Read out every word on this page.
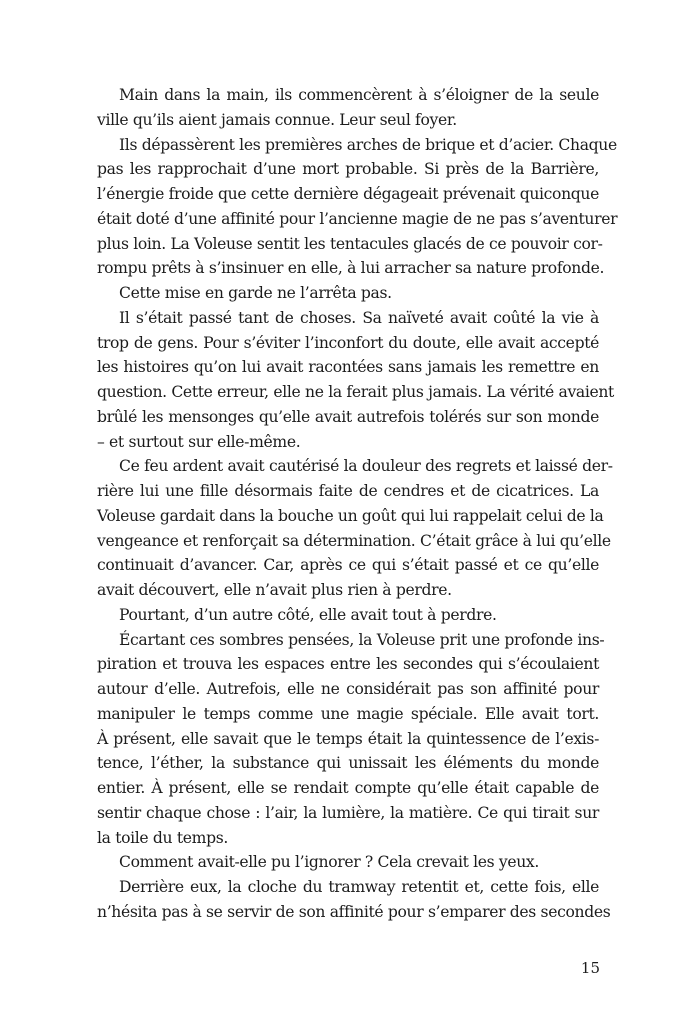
Main dans la main, ils commencèrent à s’éloigner de la seule
ville qu’ils aient jamais connue. Leur seul foyer.
Ils dépassèrent les premières arches de brique et d’acier. Chaque
pas les rapprochait d’une mort probable. Si près de la Barrière,
l’énergie froide que cette dernière dégageait prévenait quiconque
était doté d’une affinité pour l’ancienne magie de ne pas s’aventurer
plus loin. La Voleuse sentit les tentacules glacés de ce pouvoir cor-
rompu prêts à s’insinuer en elle, à lui arracher sa nature profonde.
Cette mise en garde ne l’arrêta pas.
Il s’était passé tant de choses. Sa naïveté avait coûté la vie à
trop de gens. Pour s’éviter l’inconfort du doute, elle avait accepté
les histoires qu’on lui avait racontées sans jamais les remettre en
question. Cette erreur, elle ne la ferait plus jamais. La vérité avaient
brûlé les mensonges qu’elle avait autrefois tolérés sur son monde
– et surtout sur elle-même.
Ce feu ardent avait cautérisé la douleur des regrets et laissé der-
rière lui une fille désormais faite de cendres et de cicatrices. La
Voleuse gardait dans la bouche un goût qui lui rappelait celui de la
vengeance et renforçait sa détermination. C’était grâce à lui qu’elle
continuait d’avancer. Car, après ce qui s’était passé et ce qu’elle
avait découvert, elle n’avait plus rien à perdre.
Pourtant, d’un autre côté, elle avait tout à perdre.
Écartant ces sombres pensées, la Voleuse prit une profonde ins-
piration et trouva les espaces entre les secondes qui s’écoulaient
autour d’elle. Autrefois, elle ne considérait pas son affinité pour
manipuler le temps comme une magie spéciale. Elle avait tort.
À présent, elle savait que le temps était la quintessence de l’exis-
tence, l’éther, la substance qui unissait les éléments du monde
entier. À présent, elle se rendait compte qu’elle était capable de
sentir chaque chose : l’air, la lumière, la matière. Ce qui tirait sur
la toile du temps.
Comment avait-elle pu l’ignorer ? Cela crevait les yeux.
Derrière eux, la cloche du tramway retentit et, cette fois, elle
n’hésita pas à se servir de son affinité pour s’emparer des secondes
15
